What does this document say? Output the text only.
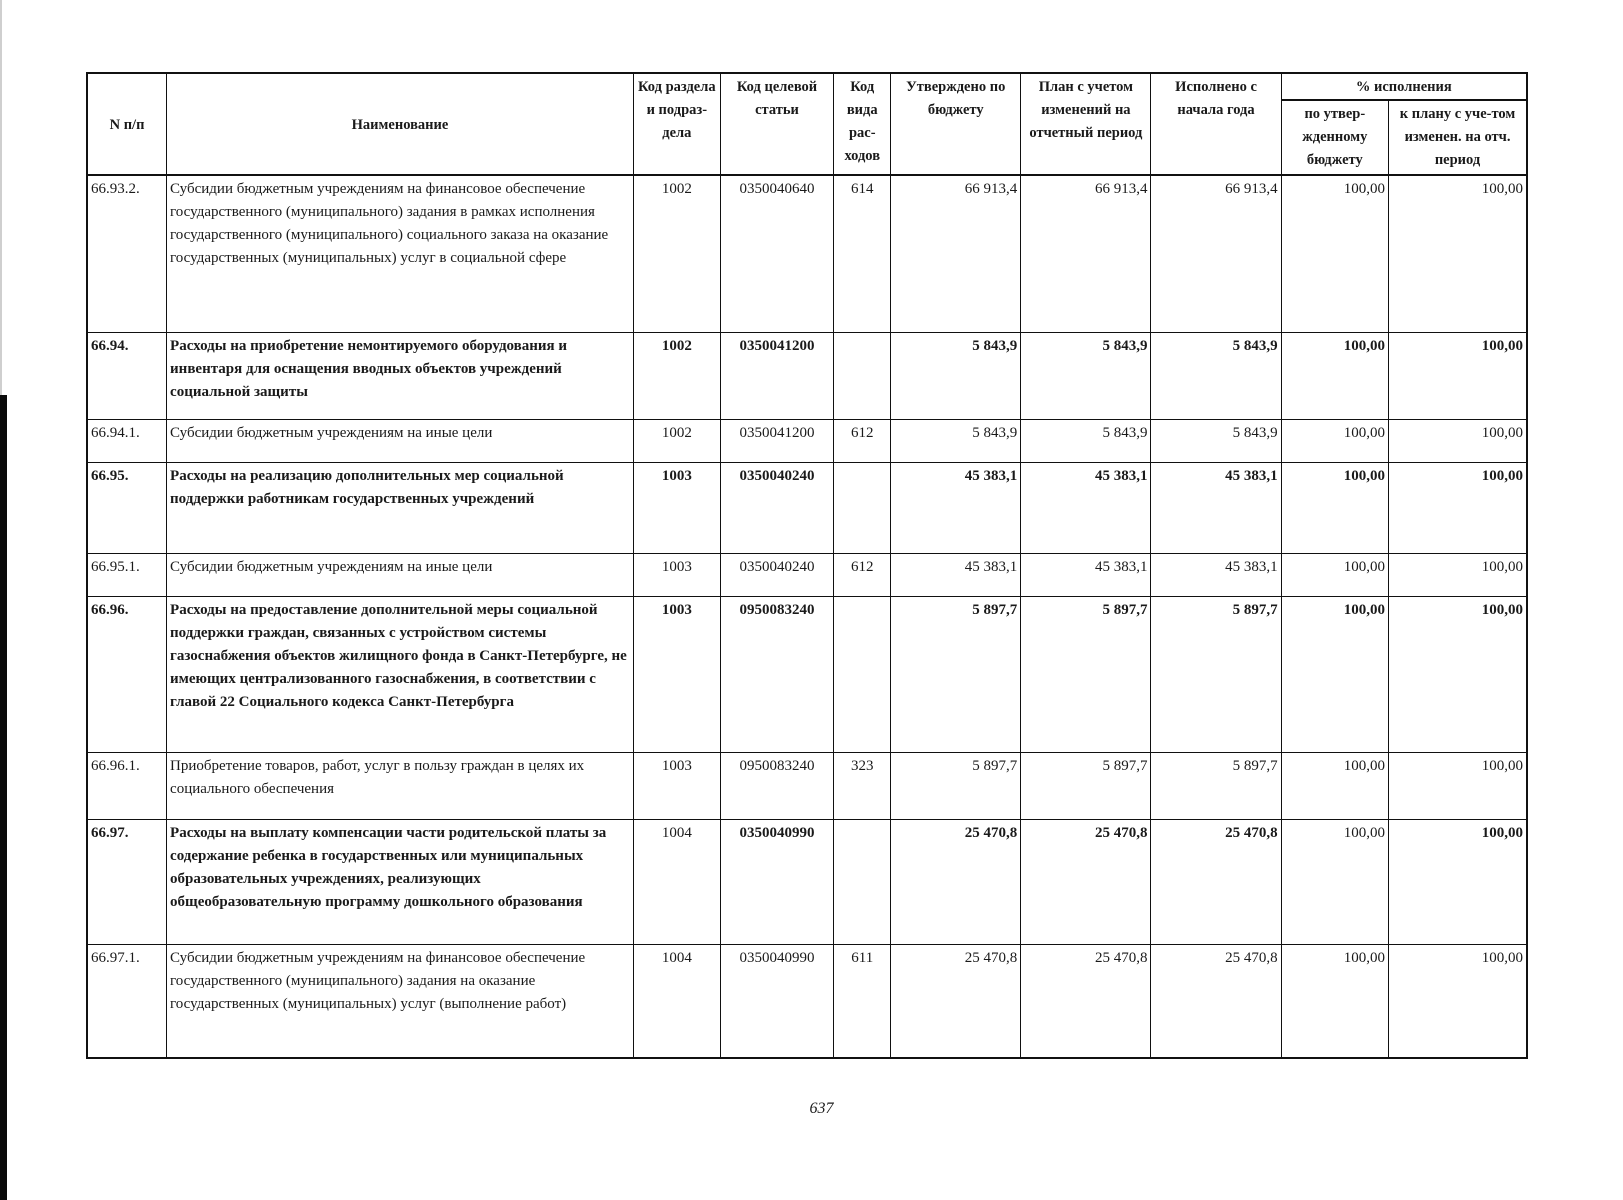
N п/п	Наименование	Код раздела и подраз-дела	Код целевой статьи	Код вида рас-ходов	Утверждено по бюджету	План с учетом изменений на отчетный период	Исполнено с начала года	% исполнения	
								по утвер-жденному бюджету	к плану с уче-том изменен. на отч. период
66.93.2.	Субсидии бюджетным учреждениям на финансовое обеспечение государственного (муниципального) задания в рамках исполнения государственного (муниципального) социального заказа на оказание государственных (муниципальных) услуг в социальной сфере	1002	0350040640	614	66 913,4	66 913,4	66 913,4	100,00	100,00
66.94.	Расходы на приобретение немонтируемого оборудования и инвентаря для оснащения вводных объектов учреждений социальной защиты	1002	0350041200		5 843,9	5 843,9	5 843,9	100,00	100,00
66.94.1.	Субсидии бюджетным учреждениям на иные цели	1002	0350041200	612	5 843,9	5 843,9	5 843,9	100,00	100,00
66.95.	Расходы на реализацию дополнительных мер социальной поддержки работникам государственных учреждений	1003	0350040240		45 383,1	45 383,1	45 383,1	100,00	100,00
66.95.1.	Субсидии бюджетным учреждениям на иные цели	1003	0350040240	612	45 383,1	45 383,1	45 383,1	100,00	100,00
66.96.	Расходы на предоставление дополнительной меры социальной поддержки граждан, связанных с устройством системы газоснабжения объектов жилищного фонда в Санкт-Петербурге, не имеющих централизованного газоснабжения, в соответствии с главой 22 Социального кодекса Санкт-Петербурга	1003	0950083240		5 897,7	5 897,7	5 897,7	100,00	100,00
66.96.1.	Приобретение товаров, работ, услуг в пользу граждан в целях их социального обеспечения	1003	0950083240	323	5 897,7	5 897,7	5 897,7	100,00	100,00
66.97.	Расходы на выплату компенсации части родительской платы за содержание ребенка в государственных или муниципальных образовательных учреждениях, реализующих общеобразовательную программу дошкольного образования	1004	0350040990		25 470,8	25 470,8	25 470,8	100,00	100,00
66.97.1.	Субсидии бюджетным учреждениям на финансовое обеспечение государственного (муниципального) задания на оказание государственных (муниципальных) услуг (выполнение работ)	1004	0350040990	611	25 470,8	25 470,8	25 470,8	100,00	100,00
637
